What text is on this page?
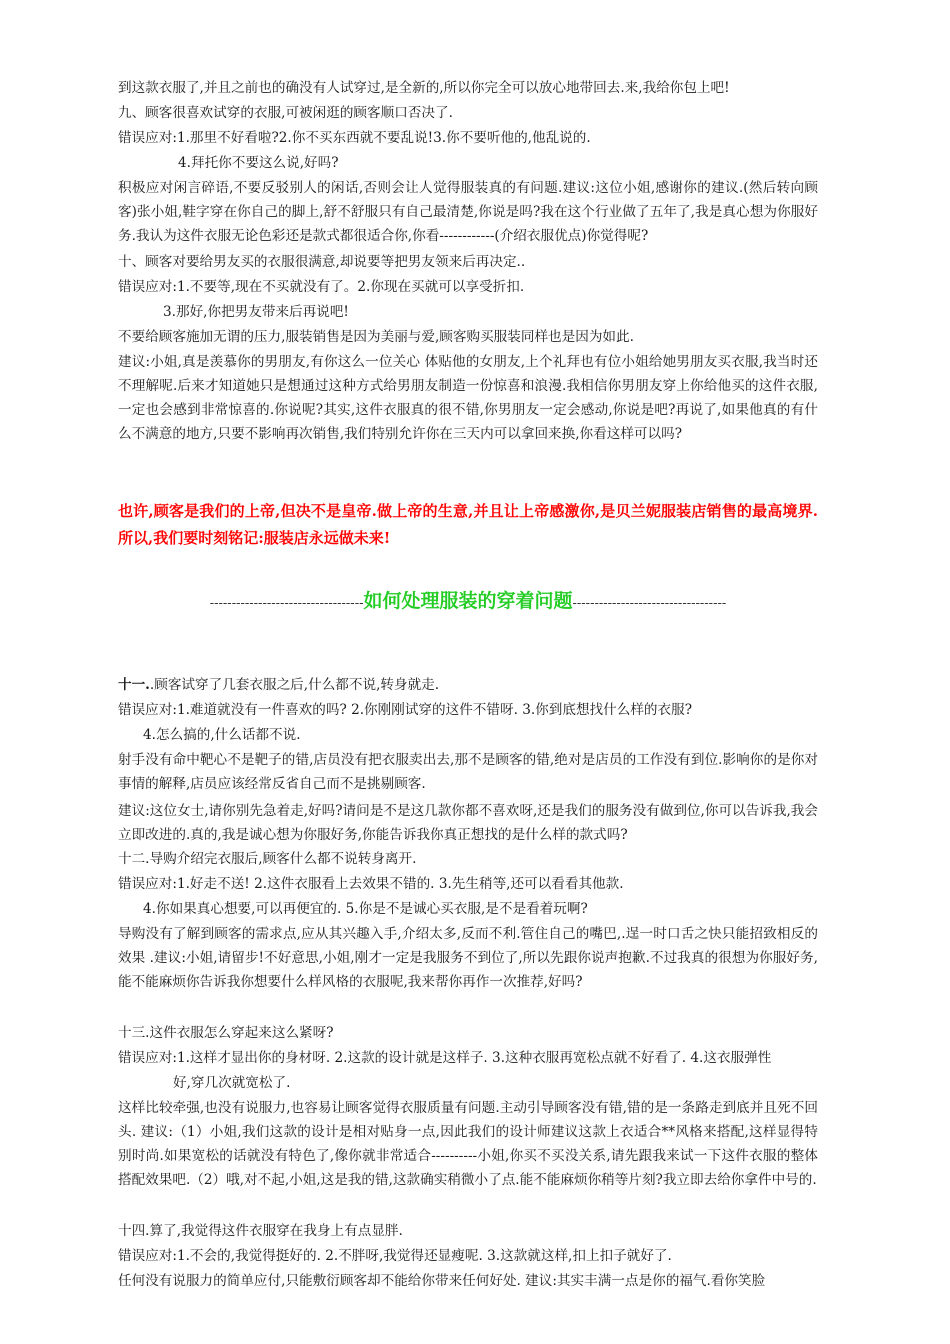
到这款衣服了,并且之前也的确没有人试穿过,是全新的,所以你完全可以放心地带回去.来,我给你包上吧!
九、顾客很喜欢试穿的衣服,可被闲逛的顾客顺口否决了.
错误应对:1.那里不好看啦?2.你不买东西就不要乱说!3.你不要听他的,他乱说的.
4.拜托你不要这么说,好吗?
积极应对闲言碎语,不要反驳别人的闲话,否则会让人觉得服装真的有问题.建议:这位小姐,感谢你的建议.(然后转向顾客)张小姐,鞋字穿在你自己的脚上,舒不舒服只有自己最清楚,你说是吗?我在这个行业做了五年了,我是真心想为你服好务.我认为这件衣服无论色彩还是款式都很适合你,你看------------(介绍衣服优点)你觉得呢?
十、顾客对要给男友买的衣服很满意,却说要等把男友领来后再决定..
错误应对:1.不要等,现在不买就没有了。2.你现在买就可以享受折扣.
3.那好,你把男友带来后再说吧!
不要给顾客施加无谓的压力,服装销售是因为美丽与爱,顾客购买服装同样也是因为如此.
建议:小姐,真是羡慕你的男朋友,有你这么一位关心 体贴他的女朋友,上个礼拜也有位小姐给她男朋友买衣服,我当时还不理解呢.后来才知道她只是想通过这种方式给男朋友制造一份惊喜和浪漫.我相信你男朋友穿上你给他买的这件衣服,一定也会感到非常惊喜的.你说呢?其实,这件衣服真的很不错,你男朋友一定会感动,你说是吧?再说了,如果他真的有什么不满意的地方,只要不影响再次销售,我们特别允许你在三天内可以拿回来换,你看这样可以吗?
也许,顾客是我们的上帝,但决不是皇帝.做上帝的生意,并且让上帝感激你,是贝兰妮服装店销售的最高境界.所以,我们要时刻铭记:服装店永远做未来!
-----------------------------------如何处理服装的穿着问题-----------------------------------
十一..顾客试穿了几套衣服之后,什么都不说,转身就走.
错误应对:1.难道就没有一件喜欢的吗? 2.你刚刚试穿的这件不错呀. 3.你到底想找什么样的衣服?
4.怎么搞的,什么话都不说.
射手没有命中靶心不是靶子的错,店员没有把衣服卖出去,那不是顾客的错,绝对是店员的工作没有到位.影响你的是你对事情的解释,店员应该经常反省自己而不是挑剔顾客.
建议:这位女士,请你别先急着走,好吗?请问是不是这几款你都不喜欢呀,还是我们的服务没有做到位,你可以告诉我,我会立即改进的.真的,我是诚心想为你服好务,你能告诉我你真正想找的是什么样的款式吗?
十二.导购介绍完衣服后,顾客什么都不说转身离开.
错误应对:1.好走不送! 2.这件衣服看上去效果不错的. 3.先生稍等,还可以看看其他款.
4.你如果真心想要,可以再便宜的. 5.你是不是诚心买衣服,是不是看着玩啊?
导购没有了解到顾客的需求点,应从其兴趣入手,介绍太多,反而不利.管住自己的嘴巴,.逞一时口舌之快只能招致相反的效果 .建议:小姐,请留步!不好意思,小姐,刚才一定是我服务不到位了,所以先跟你说声抱歉.不过我真的很想为你服好务,能不能麻烦你告诉我你想要什么样风格的衣服呢,我来帮你再作一次推荐,好吗?
十三.这件衣服怎么穿起来这么紧呀?
错误应对:1.这样才显出你的身材呀. 2.这款的设计就是这样子. 3.这种衣服再宽松点就不好看了. 4.这衣服弹性
好,穿几次就宽松了.
这样比较牵强,也没有说服力,也容易让顾客觉得衣服质量有问题.主动引导顾客没有错,错的是一条路走到底并且死不回头. 建议:（1）小姐,我们这款的设计是相对贴身一点,因此我们的设计师建议这款上衣适合**风格来搭配,这样显得特别时尚.如果宽松的话就没有特色了,像你就非常适合----------小姐,你买不买没关系,请先跟我来试一下这件衣服的整体搭配效果吧.（2）哦,对不起,小姐,这是我的错,这款确实稍微小了点.能不能麻烦你稍等片刻?我立即去给你拿件中号的.
十四.算了,我觉得这件衣服穿在我身上有点显胖.
错误应对:1.不会的,我觉得挺好的. 2.不胖呀,我觉得还显瘦呢. 3.这款就这样,扣上扣子就好了.
任何没有说服力的简单应付,只能敷衍顾客却不能给你带来任何好处. 建议:其实丰满一点是你的福气.看你笑脸
